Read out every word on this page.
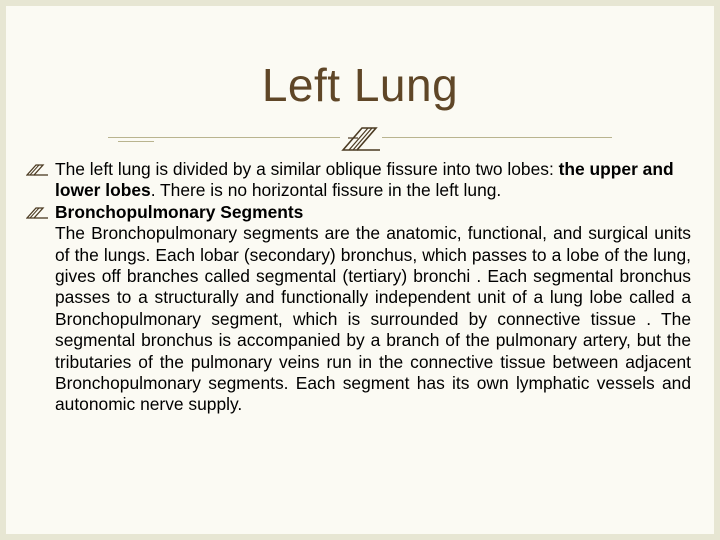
Left Lung
The left lung is divided by a similar oblique fissure into two lobes: the upper and lower lobes. There is no horizontal fissure in the left lung.
Bronchopulmonary Segments
The Bronchopulmonary segments are the anatomic, functional, and surgical units of the lungs. Each lobar (secondary) bronchus, which passes to a lobe of the lung, gives off branches called segmental (tertiary) bronchi . Each segmental bronchus passes to a structurally and functionally independent unit of a lung lobe called a Bronchopulmonary segment, which is surrounded by connective tissue . The segmental bronchus is accompanied by a branch of the pulmonary artery, but the tributaries of the pulmonary veins run in the connective tissue between adjacent Bronchopulmonary segments. Each segment has its own lymphatic vessels and autonomic nerve supply.
